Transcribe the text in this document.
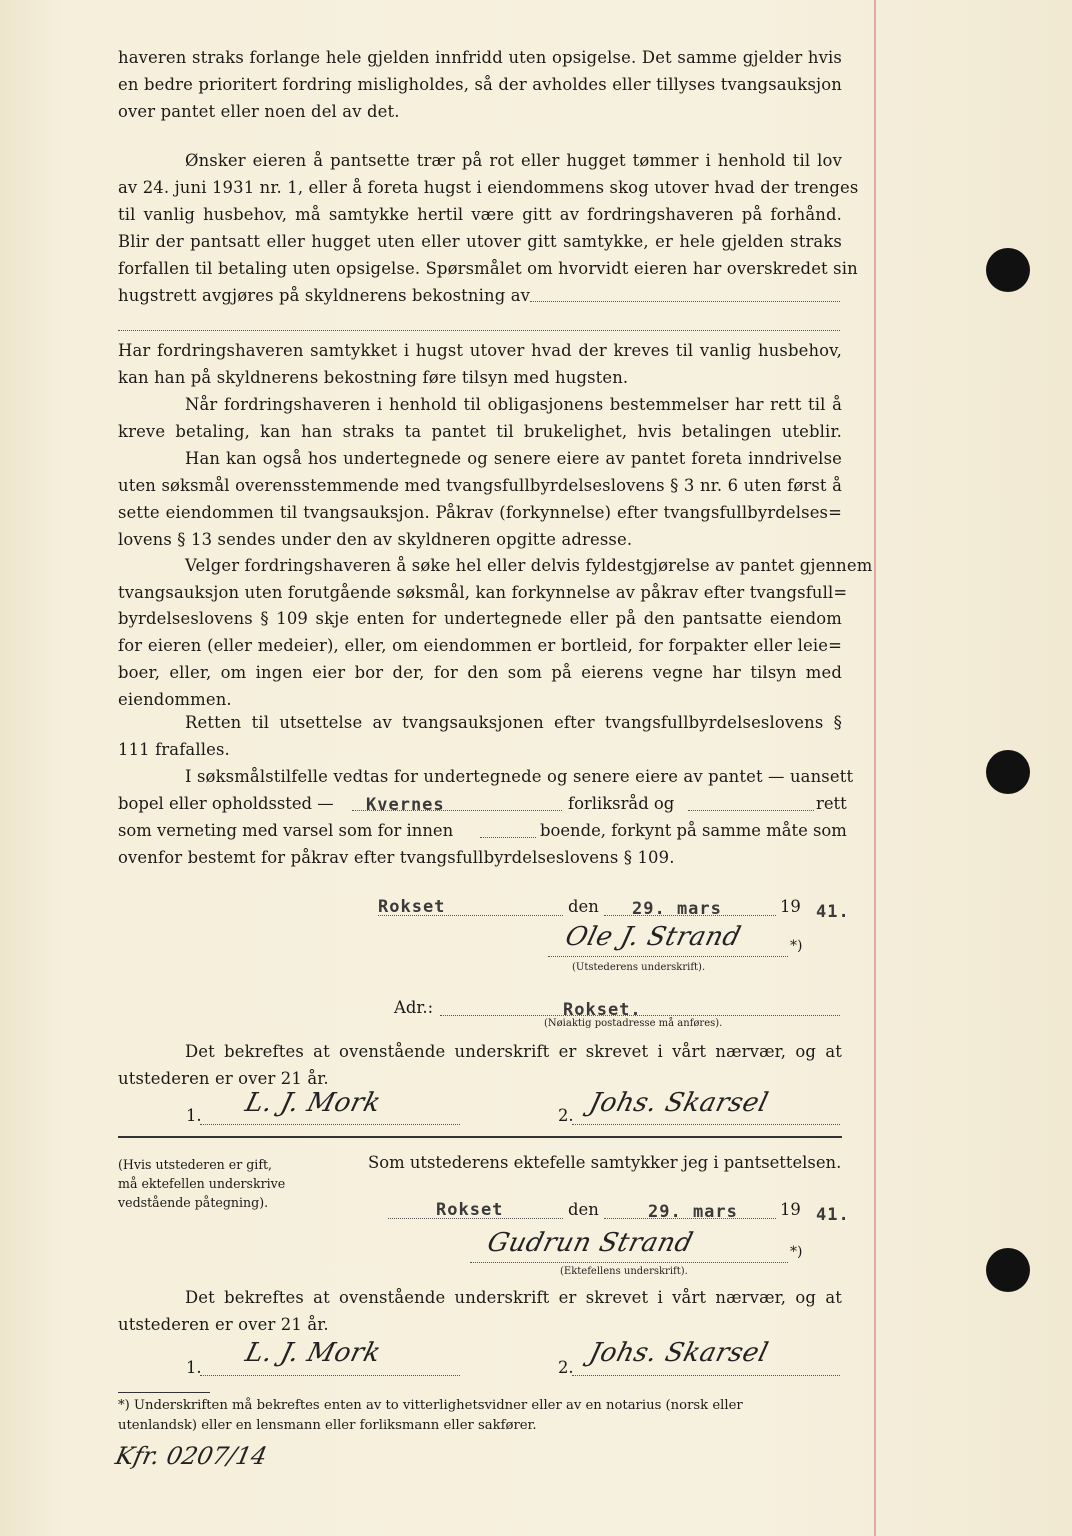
haveren straks forlange hele gjelden innfridd uten opsigelse. Det samme gjelder hvis
en bedre prioritert fordring misligholdes, så der avholdes eller tillyses tvangsauksjon
over pantet eller noen del av det.
Ønsker eieren å pantsette trær på rot eller hugget tømmer i henhold til lov
av 24. juni 1931 nr. 1, eller å foreta hugst i eiendommens skog utover hvad der trenges
til vanlig husbehov, må samtykke hertil være gitt av fordringshaveren på forhånd.
Blir der pantsatt eller hugget uten eller utover gitt samtykke, er hele gjelden straks
forfallen til betaling uten opsigelse. Spørsmålet om hvorvidt eieren har overskredet sin
hugstrett avgjøres på skyldnerens bekostning av
Har fordringshaveren samtykket i hugst utover hvad der kreves til vanlig husbehov,
kan han på skyldnerens bekostning føre tilsyn med hugsten.
Når fordringshaveren i henhold til obligasjonens bestemmelser har rett til å
kreve betaling, kan han straks ta pantet til brukelighet, hvis betalingen uteblir.
Han kan også hos undertegnede og senere eiere av pantet foreta inndrivelse
uten søksmål overensstemmende med tvangsfullbyrdelseslovens § 3 nr. 6 uten først å
sette eiendommen til tvangsauksjon. Påkrav (forkynnelse) efter tvangsfullbyrdelses=
lovens § 13 sendes under den av skyldneren opgitte adresse.
Velger fordringshaveren å søke hel eller delvis fyldestgjørelse av pantet gjennem
tvangsauksjon uten forutgående søksmål, kan forkynnelse av påkrav efter tvangsfull=
byrdelseslovens § 109 skje enten for undertegnede eller på den pantsatte eiendom
for eieren (eller medeier), eller, om eiendommen er bortleid, for forpakter eller leie=
boer, eller, om ingen eier bor der, for den som på eierens vegne har tilsyn med
eiendommen.
Retten til utsettelse av tvangsauksjonen efter tvangsfullbyrdelseslovens §
111 frafalles.
I søksmålstilfelle vedtas for undertegnede og senere eiere av pantet — uansett
bopel eller opholdssted — Kvernes	forliksråd og	rett
som verneting med varsel som for innen	boende, forkynt på samme måte som
ovenfor bestemt for påkrav efter tvangsfullbyrdelseslovens § 109.
Rokset	den 29. mars	19 41.
Ole J. Strand	*)
(Utstederens underskrift).
Adr.:	Rokset.
(Nøiaktig postadresse må anføres).
Det bekreftes at ovenstående underskrift er skrevet i vårt nærvær, og at
utstederen er over 21 år.
1. L. J. Mork	2. Johs. Skarsel
(Hvis utstederen er gift,
må ektefellen underskrive
vedstående påtegning).
Som utstederens ektefelle samtykker jeg i pantsettelsen.
Rokset	den	29. mars	19 41.
Gudrun Strand	*)
(Ektefellens underskrift).
Det bekreftes at ovenstående underskrift er skrevet i vårt nærvær, og at
utstederen er over 21 år.
1. L. J. Mork	2. Johs. Skarsel
*) Underskriften må bekreftes enten av to vitterlighetsvidner eller av en notarius (norsk eller
utenlandsk) eller en lensmann eller forliksmann eller sakfører.
Kfr. 0207/14
